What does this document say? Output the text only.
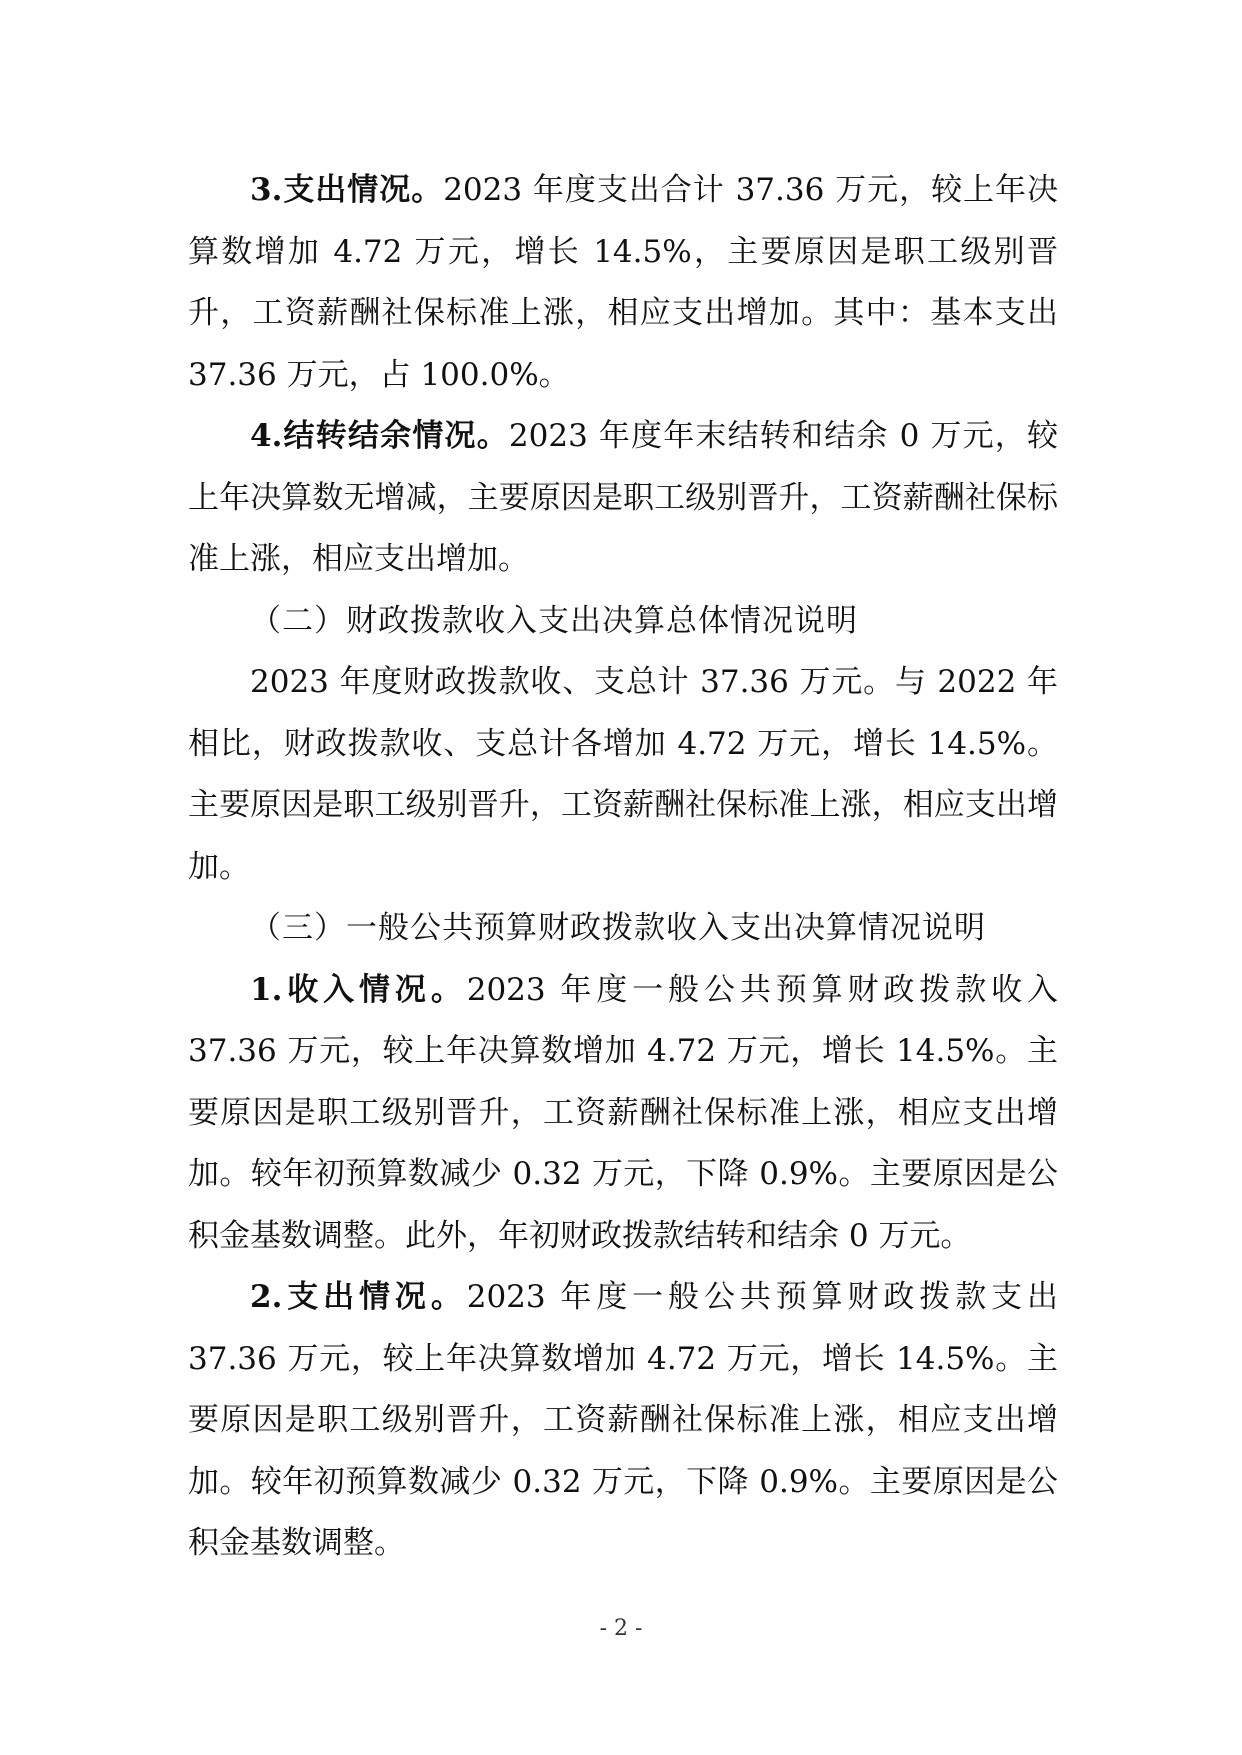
3.支出情况。2023 年度支出合计 37.36 万元，较上年决算数增加 4.72 万元，增长 14.5%，主要原因是职工级别晋升，工资薪酬社保标准上涨，相应支出增加。其中：基本支出 37.36 万元，占 100.0%。

4.结转结余情况。2023 年度年末结转和结余 0 万元，较上年决算数无增减，主要原因是职工级别晋升，工资薪酬社保标准上涨，相应支出增加。

（二）财政拨款收入支出决算总体情况说明

2023 年度财政拨款收、支总计 37.36 万元。与 2022 年相比，财政拨款收、支总计各增加 4.72 万元，增长 14.5%。主要原因是职工级别晋升，工资薪酬社保标准上涨，相应支出增加。

（三）一般公共预算财政拨款收入支出决算情况说明

1.收入情况。2023 年度一般公共预算财政拨款收入 37.36 万元，较上年决算数增加 4.72 万元，增长 14.5%。主要原因是职工级别晋升，工资薪酬社保标准上涨，相应支出增加。较年初预算数减少 0.32 万元，下降 0.9%。主要原因是公积金基数调整。此外，年初财政拨款结转和结余 0 万元。

2.支出情况。2023 年度一般公共预算财政拨款支出 37.36 万元，较上年决算数增加 4.72 万元，增长 14.5%。主要原因是职工级别晋升，工资薪酬社保标准上涨，相应支出增加。较年初预算数减少 0.32 万元，下降 0.9%。主要原因是公积金基数调整。

- 2 -
